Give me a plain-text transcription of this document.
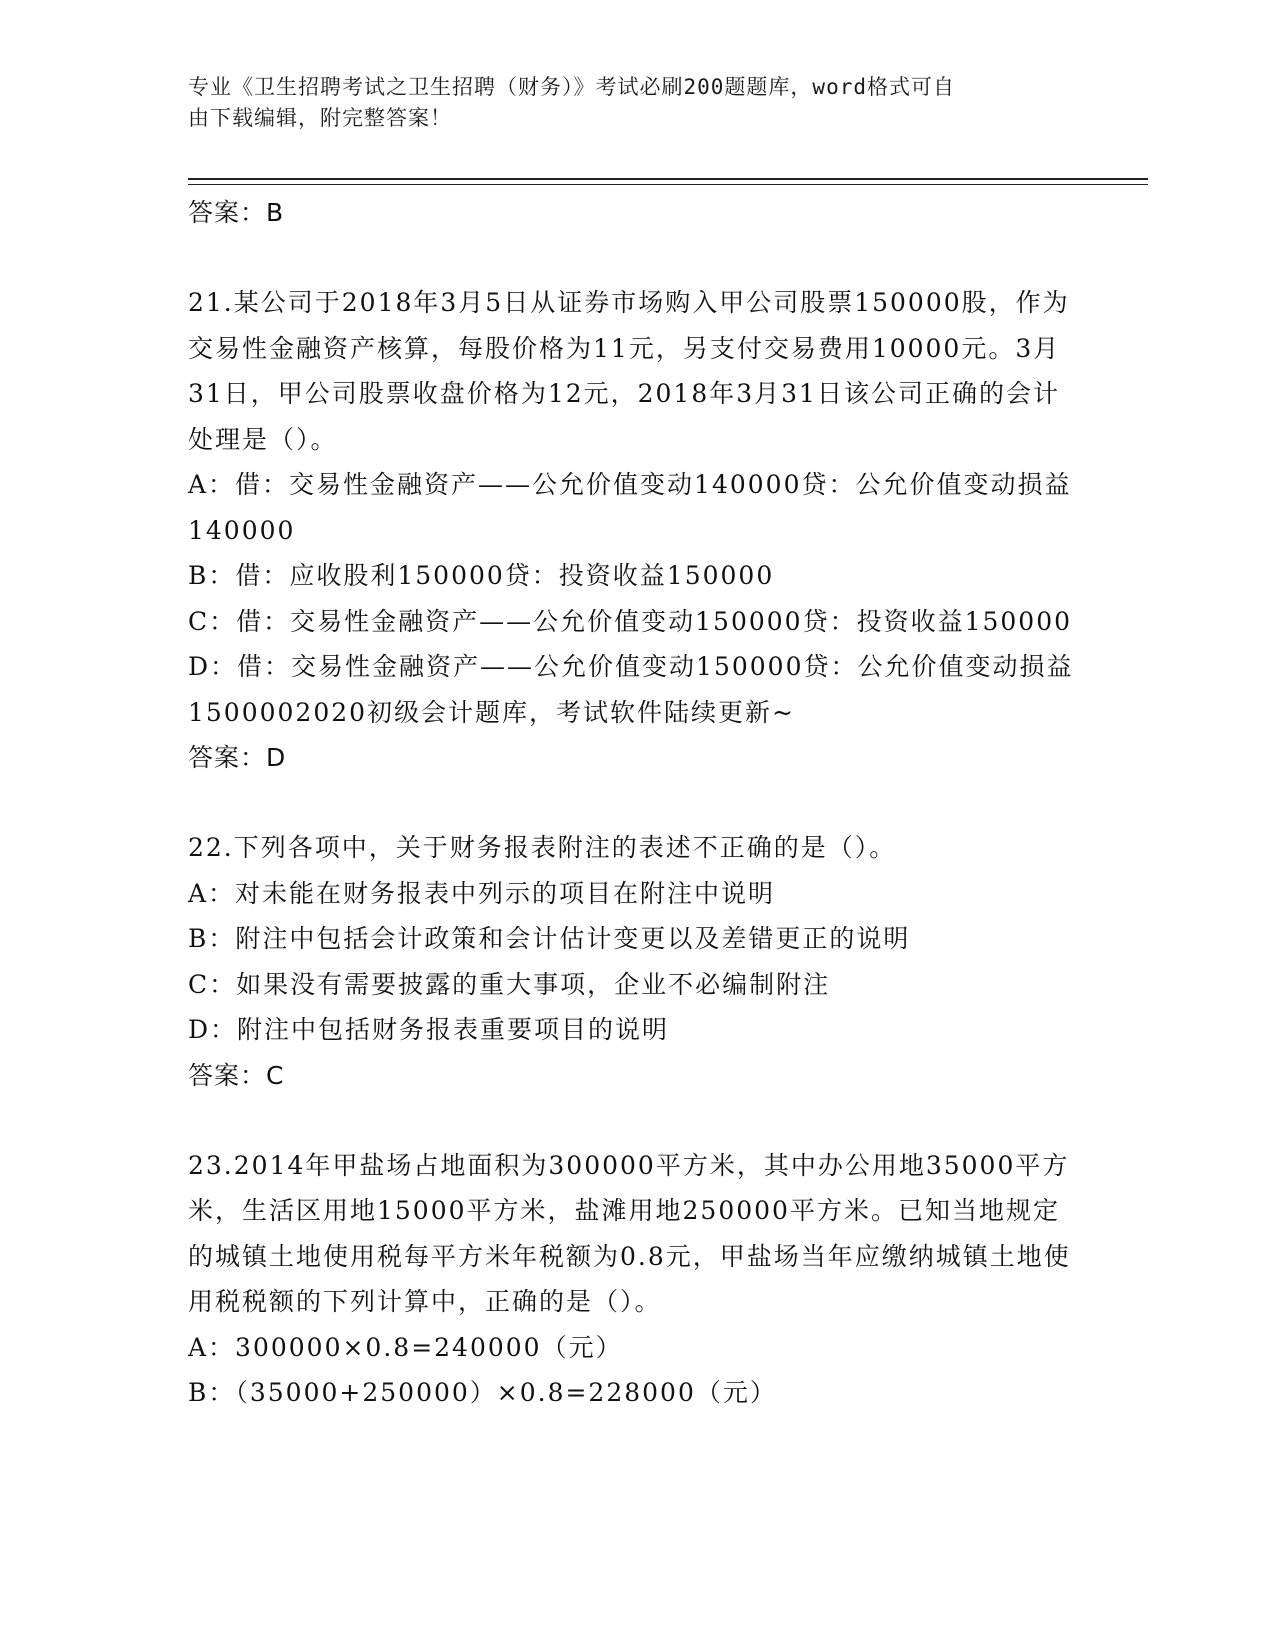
专业《卫生招聘考试之卫生招聘（财务）》考试必刷200题题库，word格式可自
由下载编辑，附完整答案！

答案：B

21.某公司于2018年3月5日从证券市场购入甲公司股票150000股，作为交易性金融资产核算，每股价格为11元，另支付交易费用10000元。3月31日，甲公司股票收盘价格为12元，2018年3月31日该公司正确的会计处理是（）。

A：借：交易性金融资产——公允价值变动140000贷：公允价值变动损益140000

B：借：应收股利150000贷：投资收益150000

C：借：交易性金融资产——公允价值变动150000贷：投资收益150000

D：借：交易性金融资产——公允价值变动150000贷：公允价值变动损益1500002020初级会计题库，考试软件陆续更新~

答案：D

22.下列各项中，关于财务报表附注的表述不正确的是（）。

A：对未能在财务报表中列示的项目在附注中说明

B：附注中包括会计政策和会计估计变更以及差错更正的说明

C：如果没有需要披露的重大事项，企业不必编制附注

D：附注中包括财务报表重要项目的说明

答案：C

23.2014年甲盐场占地面积为300000平方米，其中办公用地35000平方米，生活区用地15000平方米，盐滩用地250000平方米。已知当地规定的城镇土地使用税每平方米年税额为0.8元，甲盐场当年应缴纳城镇土地使用税税额的下列计算中，正确的是（）。

A：300000×0.8=240000（元）

B：（35000+250000）×0.8=228000（元）
